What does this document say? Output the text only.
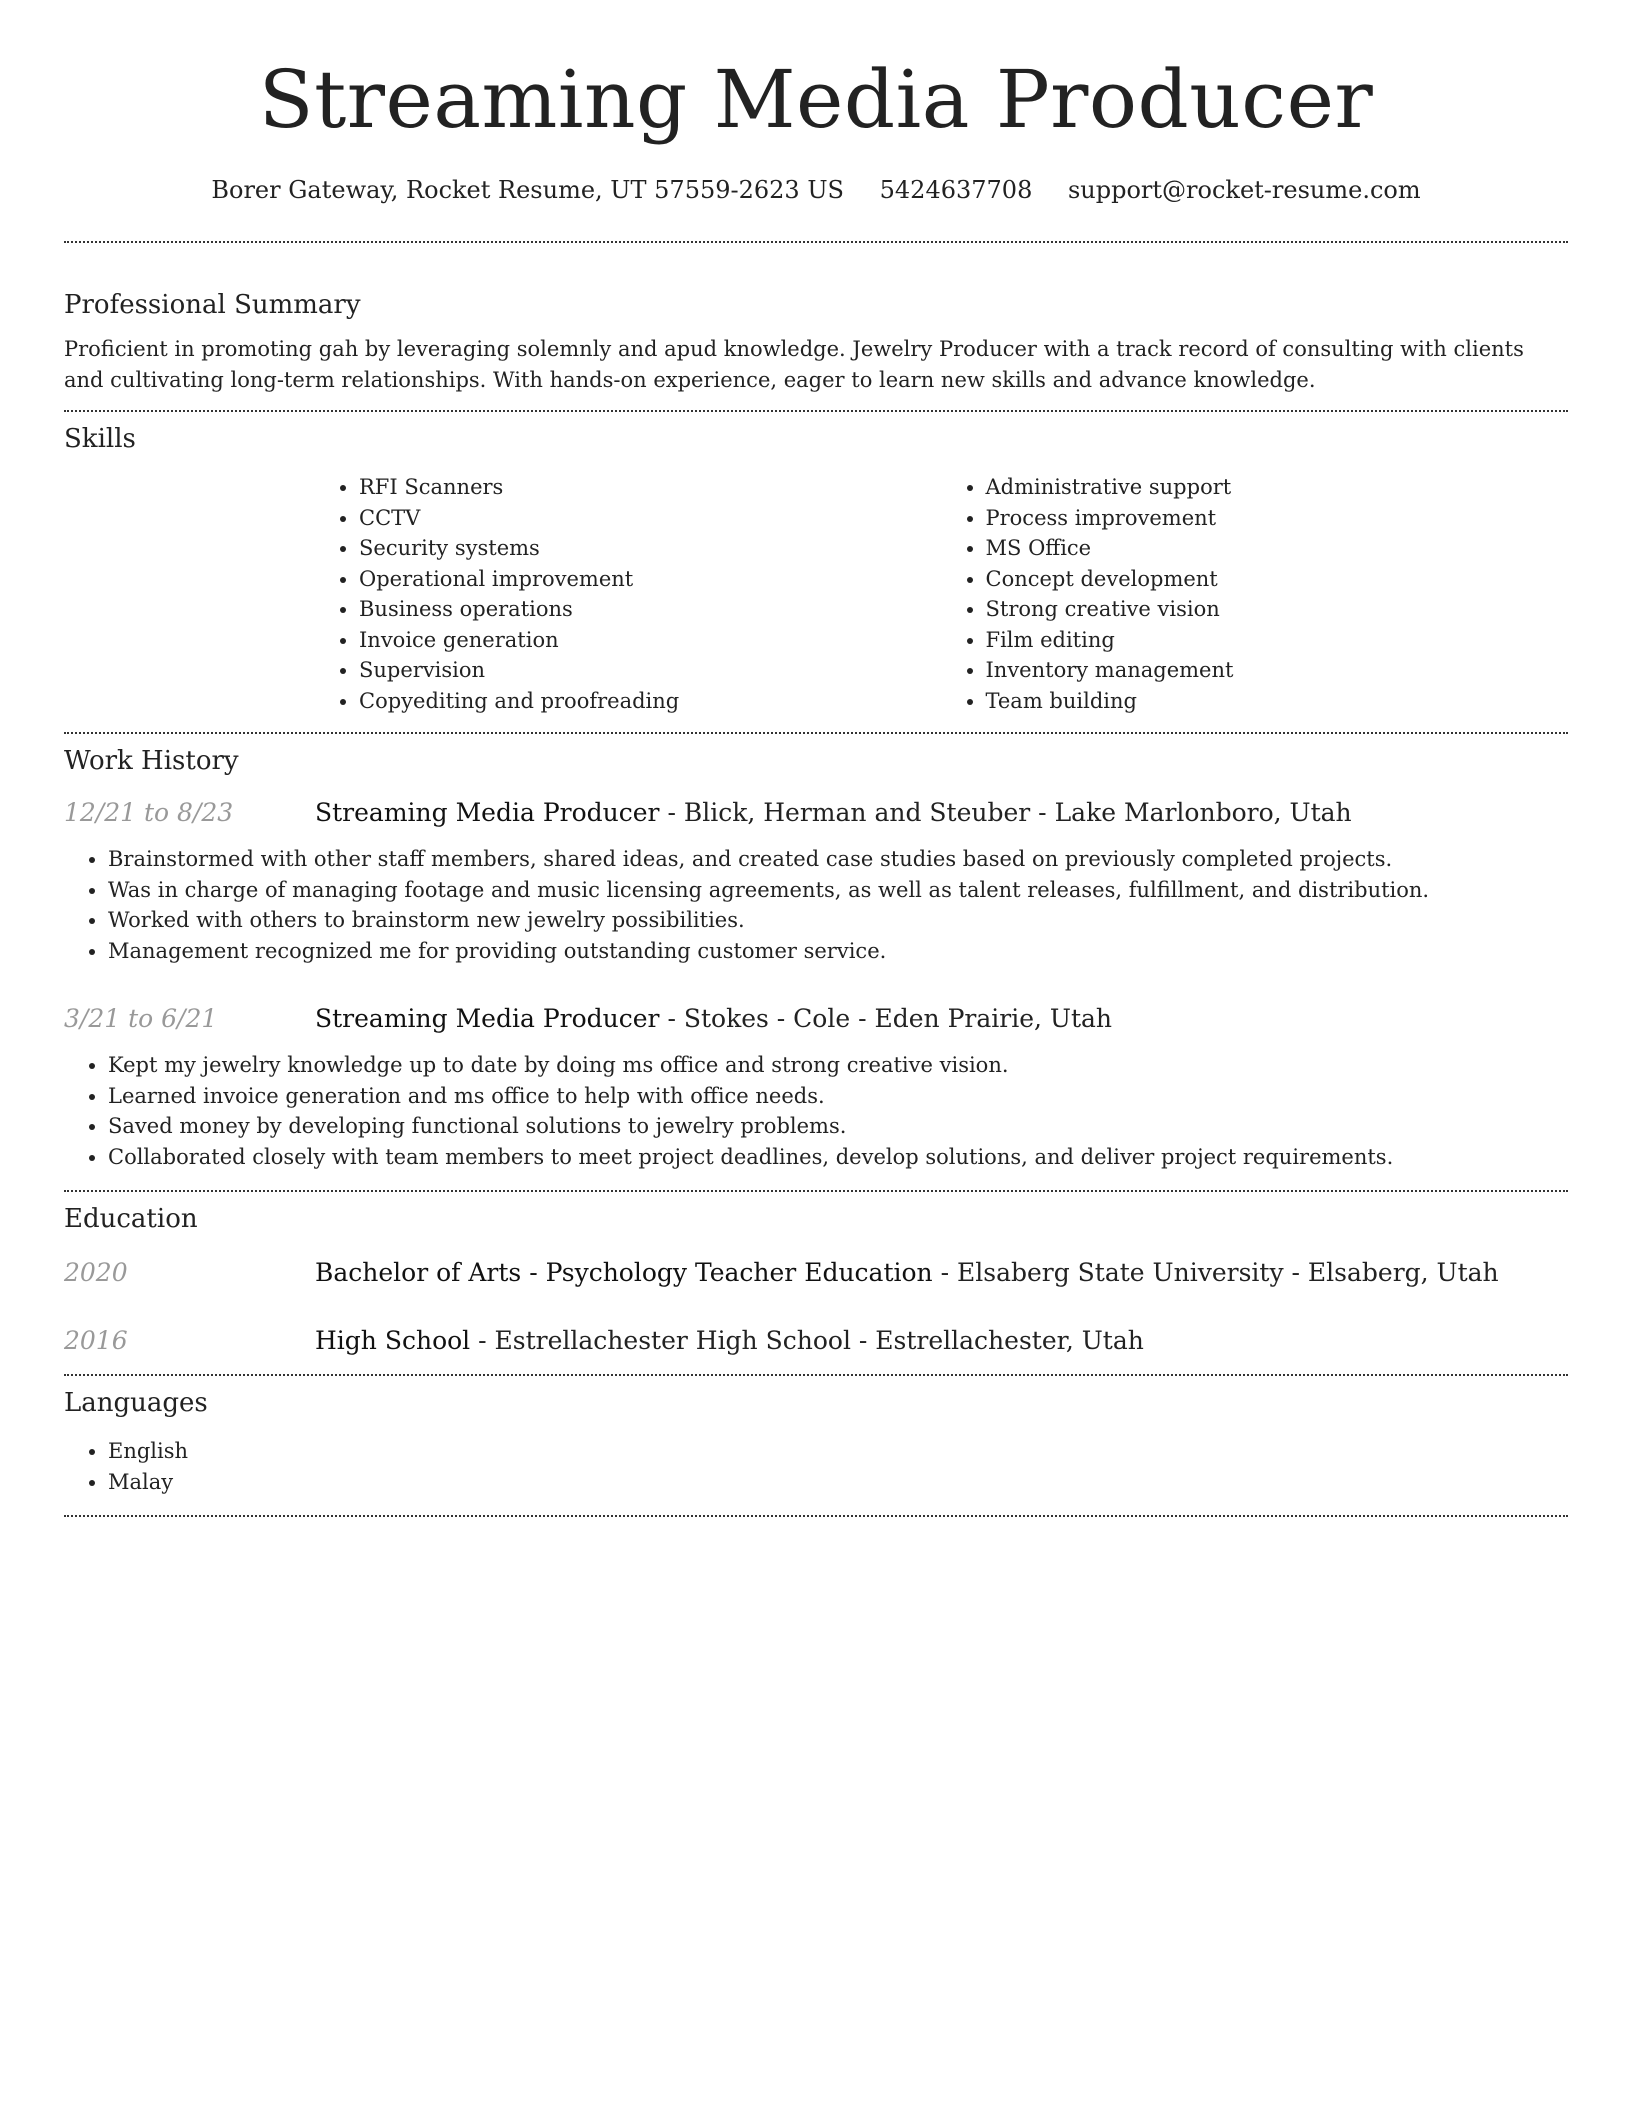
Streaming Media Producer
Borer Gateway, Rocket Resume, UT 57559-2623 US 5424637708 support@rocket-resume.com
Professional Summary

Proficient in promoting gah by leveraging solemnly and apud knowledge. Jewelry Producer with a track record of consulting with clients and cultivating long-term relationships. With hands-on experience, eager to learn new skills and advance knowledge.

Skills
• RFI Scanners
• CCTV
• Security systems
• Operational improvement
• Business operations
• Invoice generation
• Supervision
• Copyediting and proofreading
• Administrative support
• Process improvement
• MS Office
• Concept development
• Strong creative vision
• Film editing
• Inventory management
• Team building
Work History
12/21 to 8/23	Streaming Media Producer - Blick, Herman and Steuber - Lake Marlonboro, Utah
• Brainstormed with other staff members, shared ideas, and created case studies based on previously completed projects.
• Was in charge of managing footage and music licensing agreements, as well as talent releases, fulfillment, and distribution.
• Worked with others to brainstorm new jewelry possibilities.
• Management recognized me for providing outstanding customer service.
3/21 to 6/21	Streaming Media Producer - Stokes - Cole - Eden Prairie, Utah
• Kept my jewelry knowledge up to date by doing ms office and strong creative vision.
• Learned invoice generation and ms office to help with office needs.
• Saved money by developing functional solutions to jewelry problems.
• Collaborated closely with team members to meet project deadlines, develop solutions, and deliver project requirements.
Education
2020	Bachelor of Arts - Psychology Teacher Education - Elsaberg State University - Elsaberg, Utah
2016	High School - Estrellachester High School - Estrellachester, Utah
Languages
• English
• Malay
